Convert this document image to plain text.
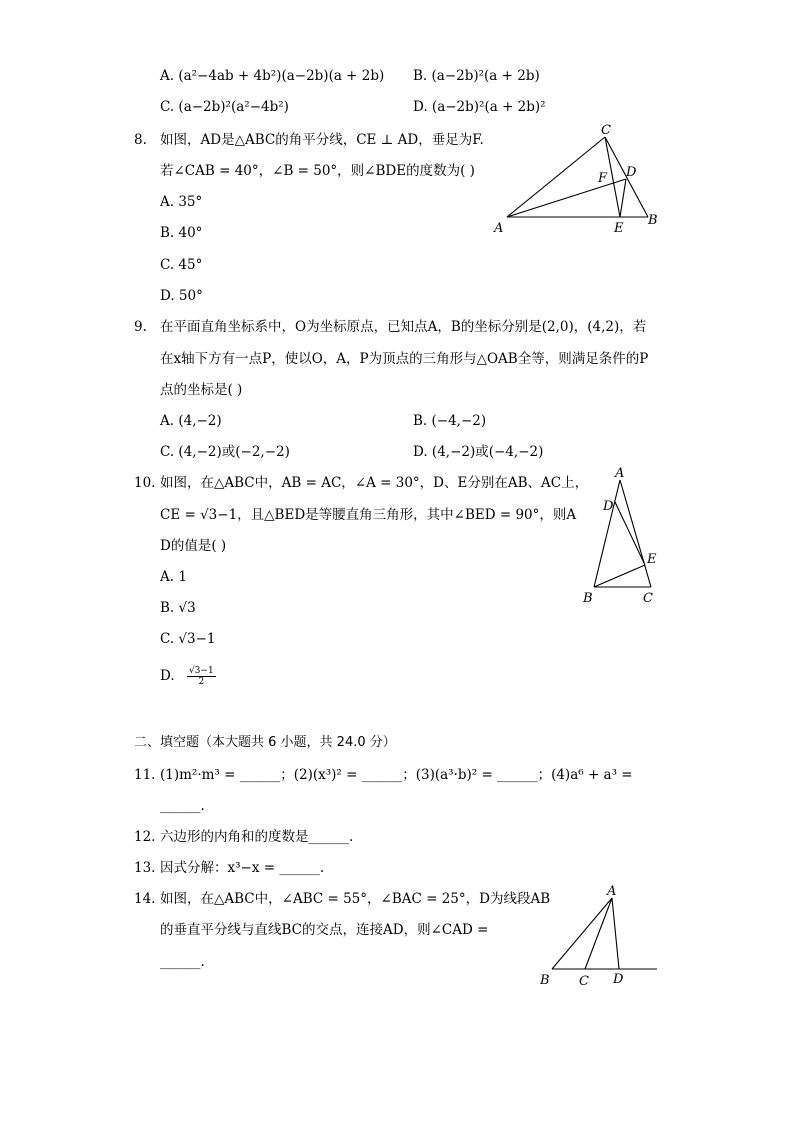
A. (a²−4ab + 4b²)(a−2b)(a + 2b) B. (a−2b)²(a + 2b)
C. (a−2b)²(a²−4b²)	D. (a−2b)²(a + 2b)²
8. 如图，AD是△ABC的角平分线，CE ⊥ AD，垂足为F.
若∠CAB = 40°，∠B = 50°，则∠BDE的度数为( )
A. 35°
B. 40°
C. 45°
D. 50°
A
B
C
D
E
F
9. 在平面直角坐标系中，O为坐标原点，已知点A，B的坐标分别是(2,0)，(4,2)，若
在x轴下方有一点P，使以O，A，P为顶点的三角形与△OAB全等，则满足条件的P
点的坐标是( )
A. (4,−2)	B. (−4,−2)
C. (4,−2)或(−2,−2)	D. (4,−2)或(−4,−2)
10. 如图，在△ABC中，AB = AC，∠A = 30°，D、E分别在AB、AC上，
CE = √3−1，且△BED是等腰直角三角形，其中∠BED = 90°，则A
D的值是( )
A. 1
B. √3
C. √3−1
D. $\frac{√3-1}{2}$
A
B	C
D
E
二、填空题（本大题共 6 小题，共 24.0 分）
11. (1)m²·m³ = ______；(2)(x³)² = ______；(3)(a³·b)² = ______；(4)a⁶ + a³ =
______.
12. 六边形的内角和的度数是______.
13. 因式分解：x³−x = ______.
14. 如图，在△ABC中，∠ABC = 55°，∠BAC = 25°，D为线段AB
的垂直平分线与直线BC的交点，连接AD，则∠CAD =
______.
A
B C D
